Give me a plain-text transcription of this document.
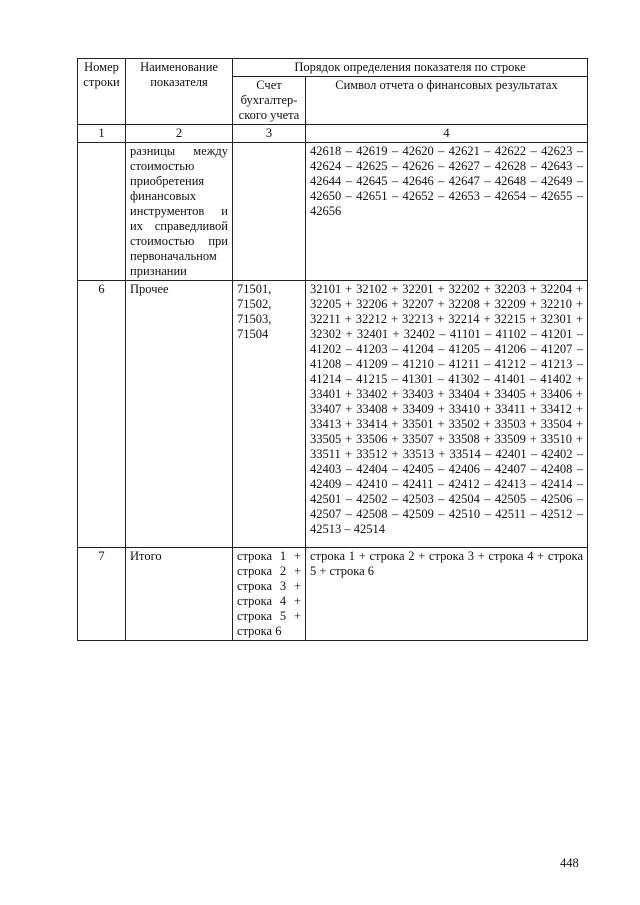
Номер строки	Наименование показателя	Порядок определения показателя по строке	
		Счет бухгалтерского учета	Символ отчета о финансовых результатах
1	2	3	4
	разницы между стоимостью приобретения финансовых инструментов и их справедливой стоимостью при первоначальном признании		42618 – 42619 – 42620 – 42621 – 42622 – 42623 – 42624 – 42625 – 42626 – 42627 – 42628 – 42643 – 42644 – 42645 – 42646 – 42647 – 42648 – 42649 – 42650 – 42651 – 42652 – 42653 – 42654 – 42655 – 42656
6	Прочее	71501, 71502, 71503, 71504	32101 + 32102 + 32201 + 32202 + 32203 + 32204 + 32205 + 32206 + 32207 + 32208 + 32209 + 32210 + 32211 + 32212 + 32213 + 32214 + 32215 + 32301 + 32302 + 32401 + 32402 – 41101 – 41102 – 41201 – 41202 – 41203 – 41204 – 41205 – 41206 – 41207 – 41208 – 41209 – 41210 – 41211 – 41212 – 41213 – 41214 – 41215 – 41301 – 41302 – 41401 – 41402 + 33401 + 33402 + 33403 + 33404 + 33405 + 33406 + 33407 + 33408 + 33409 + 33410 + 33411 + 33412 + 33413 + 33414 + 33501 + 33502 + 33503 + 33504 + 33505 + 33506 + 33507 + 33508 + 33509 + 33510 + 33511 + 33512 + 33513 + 33514 – 42401 – 42402 – 42403 – 42404 – 42405 – 42406 – 42407 – 42408 – 42409 – 42410 – 42411 – 42412 – 42413 – 42414 – 42501 – 42502 – 42503 – 42504 – 42505 – 42506 – 42507 – 42508 – 42509 – 42510 – 42511 – 42512 – 42513 – 42514
7	Итого	строка 1 + строка 2 + строка 3 + строка 4 + строка 5 + строка 6	строка 1 + строка 2 + строка 3 + строка 4 + строка 5 + строка 6
448
